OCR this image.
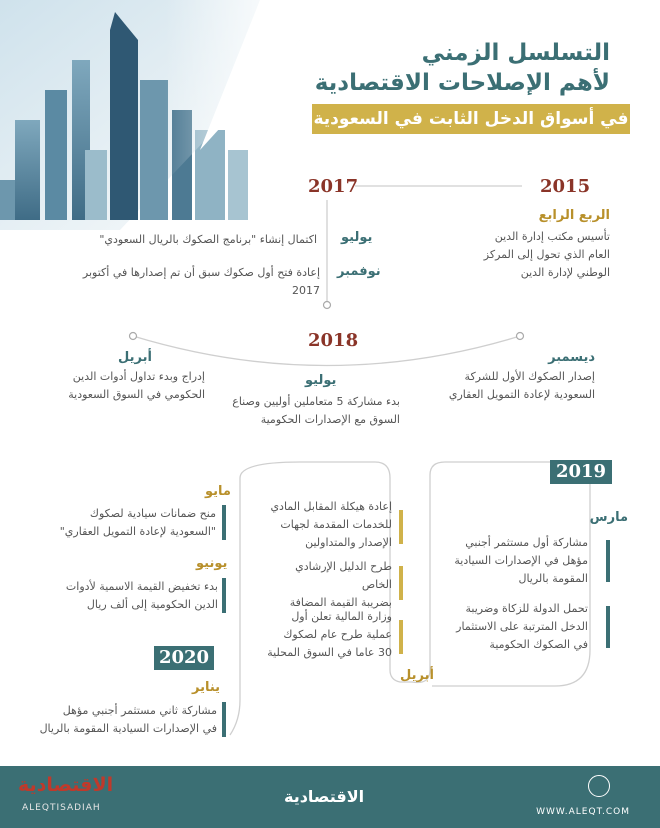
التسلسل الزمني
لأهم الإصلاحات الاقتصادية
في أسواق الدخل الثابت في السعودية
2015
2017
الربع الرابع
تأسيس مكتب إدارة الدين
العام الذي تحول إلى المركز
الوطني لإدارة الدين
يوليو
اكتمال إنشاء "برنامج الصكوك بالريال السعودي"
نوفمبر
إعادة فتح أول صكوك سبق أن تم إصدارها في أكتوبر 2017
2018
ديسمبر
إصدار الصكوك الأول للشركة
السعودية لإعادة التمويل العقاري
يوليو
بدء مشاركة 5 متعاملين أوليين وصناع
السوق مع الإصدارات الحكومية
أبريل
إدراج وبدء تداول أدوات الدين
الحكومي في السوق السعودية
2019
مارس
مشاركة أول مستثمر أجنبي
مؤهل في الإصدارات السيادية
المقومة بالريال
تحمل الدولة للزكاة وضريبة
الدخل المترتبة على الاستثمار
في الصكوك الحكومية
إعادة هيكلة المقابل المادي
للخدمات المقدمة لجهات
الإصدار والمتداولين
طرح الدليل الإرشادي الخاص
بضريبة القيمة المضافة
وزارة المالية تعلن أول
عملية طرح عام لصكوك
30 عاما في السوق المحلية
أبريل
مايو
منح ضمانات سيادية لصكوك
"السعودية لإعادة التمويل العقاري"
يونيو
بدء تخفيض القيمة الاسمية لأدوات
الدين الحكومية إلى ألف ريال
2020
يناير
مشاركة ثاني مستثمر أجنبي مؤهل
في الإصدارات السيادية المقومة بالريال
الاقتصادية
ALEQTISADIAH
الاقتصادية
WWW.ALEQT.COM
